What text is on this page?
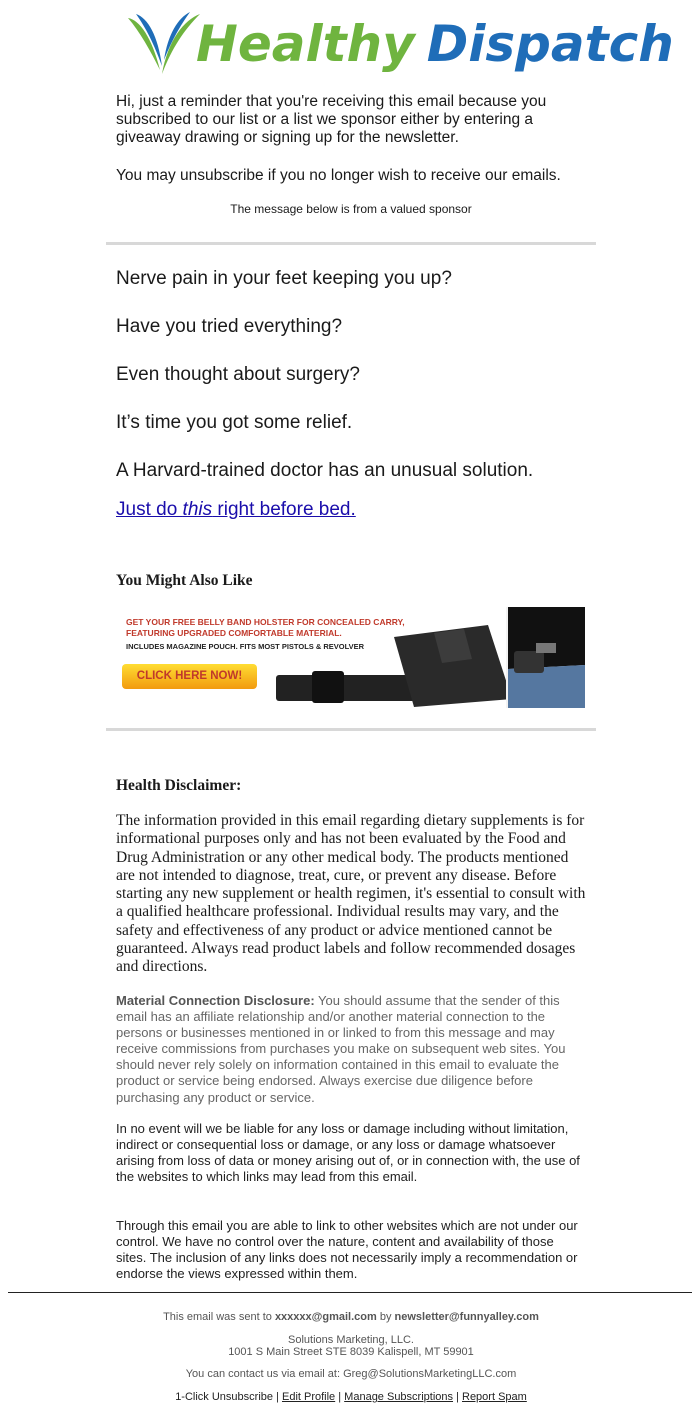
Healthy Dispatch

Hi, just a reminder that you're receiving this email because you subscribed to our list or a list we sponsor either by entering a giveaway drawing or signing up for the newsletter.

You may unsubscribe if you no longer wish to receive our emails.

The message below is from a valued sponsor
Nerve pain in your feet keeping you up?
Have you tried everything?
Even thought about surgery?
It’s time you got some relief.
A Harvard-trained doctor has an unusual solution.
Just do this right before bed.
You Might Also Like
GET YOUR FREE BELLY BAND HOLSTER FOR CONCEALED CARRY,
FEATURING UPGRADED COMFORTABLE MATERIAL.
INCLUDES MAGAZINE POUCH. FITS MOST PISTOLS & REVOLVER
CLICK HERE NOW!
Health Disclaimer:

The information provided in this email regarding dietary supplements is for informational purposes only and has not been evaluated by the Food and Drug Administration or any other medical body. The products mentioned are not intended to diagnose, treat, cure, or prevent any disease. Before starting any new supplement or health regimen, it's essential to consult with a qualified healthcare professional. Individual results may vary, and the safety and effectiveness of any product or advice mentioned cannot be guaranteed. Always read product labels and follow recommended dosages and directions.

Material Connection Disclosure: You should assume that the sender of this email has an affiliate relationship and/or another material connection to the persons or businesses mentioned in or linked to from this message and may receive commissions from purchases you make on subsequent web sites. You should never rely solely on information contained in this email to evaluate the product or service being endorsed. Always exercise due diligence before purchasing any product or service.

In no event will we be liable for any loss or damage including without limitation, indirect or consequential loss or damage, or any loss or damage whatsoever arising from loss of data or money arising out of, or in connection with, the use of the websites to which links may lead from this email.

Through this email you are able to link to other websites which are not under our control. We have no control over the nature, content and availability of those sites. The inclusion of any links does not necessarily imply a recommendation or endorse the views expressed within them.

This email was sent to xxxxxx@gmail.com by newsletter@funnyalley.com
Solutions Marketing, LLC.
1001 S Main Street STE 8039 Kalispell, MT 59901
You can contact us via email at: Greg@SolutionsMarketingLLC.com
1-Click Unsubscribe | Edit Profile | Manage Subscriptions | Report Spam
